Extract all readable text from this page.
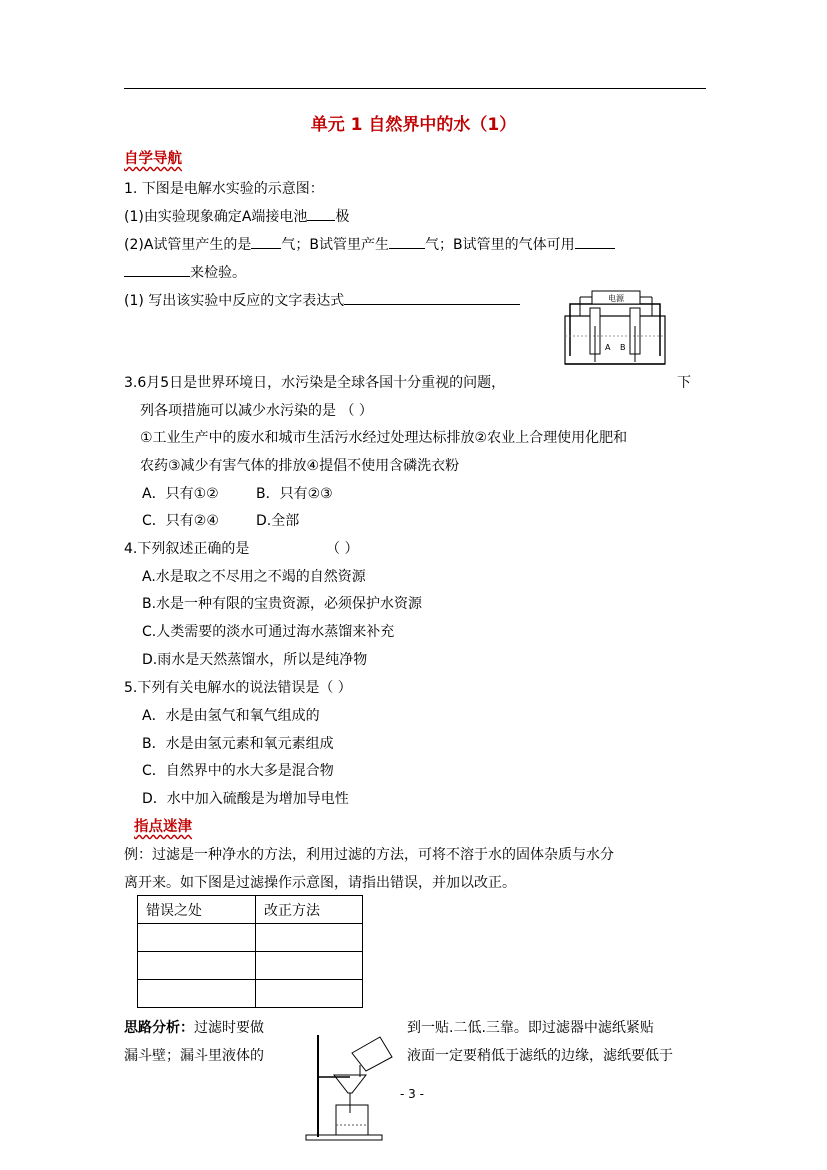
单元 1 自然界中的水（1）
自学导航
1. 下图是电解水实验的示意图：
(1)由实验现象确定A端接电池 极
(2)A试管里产生的是 气；B试管里产生	气；B试管里的气体可用
来检验。
(1) 写出该实验中反应的文字表达式	电源
A B
3.6月5日是世界环境日，水污染是全球各国十分重视的问题，	下
列各项措施可以减少水污染的是 （ ）
①工业生产中的废水和城市生活污水经过处理达标排放②农业上合理使用化肥和
农药③减少有害气体的排放④提倡不使用含磷洗衣粉
A．只有①②	B．只有②③
C．只有②④	D.全部
4.下列叙述正确的是	（ ）
A.水是取之不尽用之不竭的自然资源
B.水是一种有限的宝贵资源，必须保护水资源
C.人类需要的淡水可通过海水蒸馏来补充
D.雨水是天然蒸馏水，所以是纯净物
5.下列有关电解水的说法错误是（ ）
A．水是由氢气和氧气组成的
B．水是由氢元素和氧元素组成
C．自然界中的水大多是混合物
D．水中加入硫酸是为增加导电性
指点迷津
例：过滤是一种净水的方法，利用过滤的方法，可将不溶于水的固体杂质与水分
离开来。如下图是过滤操作示意图，请指出错误，并加以改正。
错误之处	改正方法

思路分析：过滤时要做	到一贴.二低.三靠。即过滤器中滤纸紧贴
漏斗壁；漏斗里液体的	液面一定要稍低于滤纸的边缘，滤纸要低于
- 3 -
